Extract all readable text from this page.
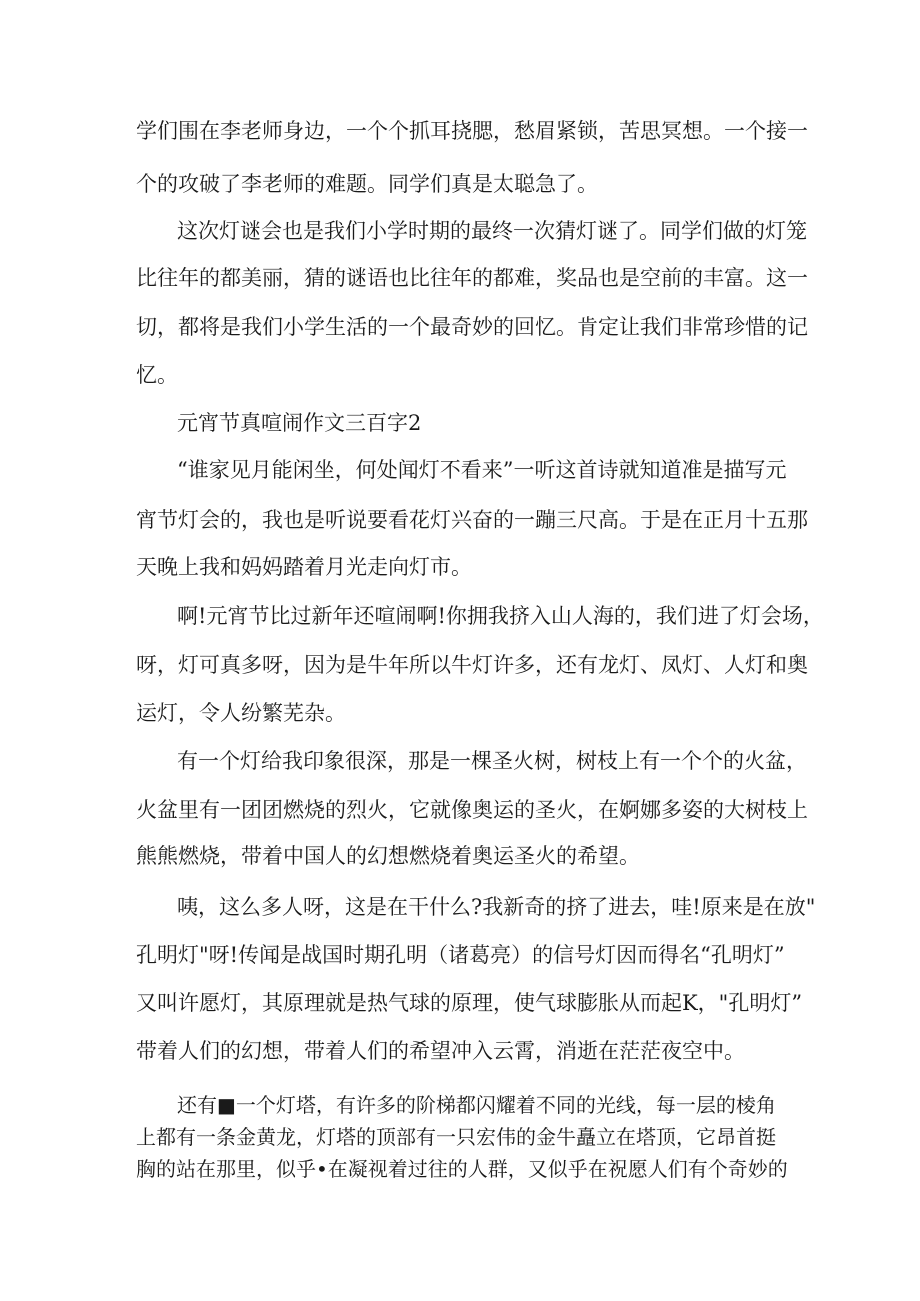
学们围在李老师身边，一个个抓耳挠腮，愁眉紧锁，苦思冥想。一个接一
个的攻破了李老师的难题。同学们真是太聪急了。
这次灯谜会也是我们小学时期的最终一次猜灯谜了。同学们做的灯笼
比往年的都美丽，猜的谜语也比往年的都难，奖品也是空前的丰富。这一
切，都将是我们小学生活的一个最奇妙的回忆。肯定让我们非常珍惜的记
忆。
元宵节真喧闹作文三百字2
“谁家见月能闲坐，何处闻灯不看来”一听这首诗就知道准是描写元
宵节灯会的，我也是听说要看花灯兴奋的一蹦三尺高。于是在正月十五那
天晚上我和妈妈踏着月光走向灯市。
啊!元宵节比过新年还喧闹啊!你拥我挤入山人海的，我们进了灯会场，
呀，灯可真多呀，因为是牛年所以牛灯许多，还有龙灯、凤灯、人灯和奥
运灯，令人纷繁芜杂。
有一个灯给我印象很深，那是一棵圣火树，树枝上有一个个的火盆，
火盆里有一团团燃烧的烈火，它就像奥运的圣火，在婀娜多姿的大树枝上
熊熊燃烧，带着中国人的幻想燃烧着奥运圣火的希望。
咦，这么多人呀，这是在干什么?我新奇的挤了进去，哇!原来是在放"
孔明灯"呀!传闻是战国时期孔明（诸葛亮）的信号灯因而得名“孔明灯”
又叫许愿灯，其原理就是热气球的原理，使气球膨胀从而起K，"孔明灯”
带着人们的幻想，带着人们的希望冲入云霄，消逝在茫茫夜空中。
还有■一个灯塔，有许多的阶梯都闪耀着不同的光线，每一层的棱角
上都有一条金黄龙，灯塔的顶部有一只宏伟的金牛矗立在塔顶，它昂首挺
胸的站在那里，似乎•在凝视着过往的人群，又似乎在祝愿人们有个奇妙的
